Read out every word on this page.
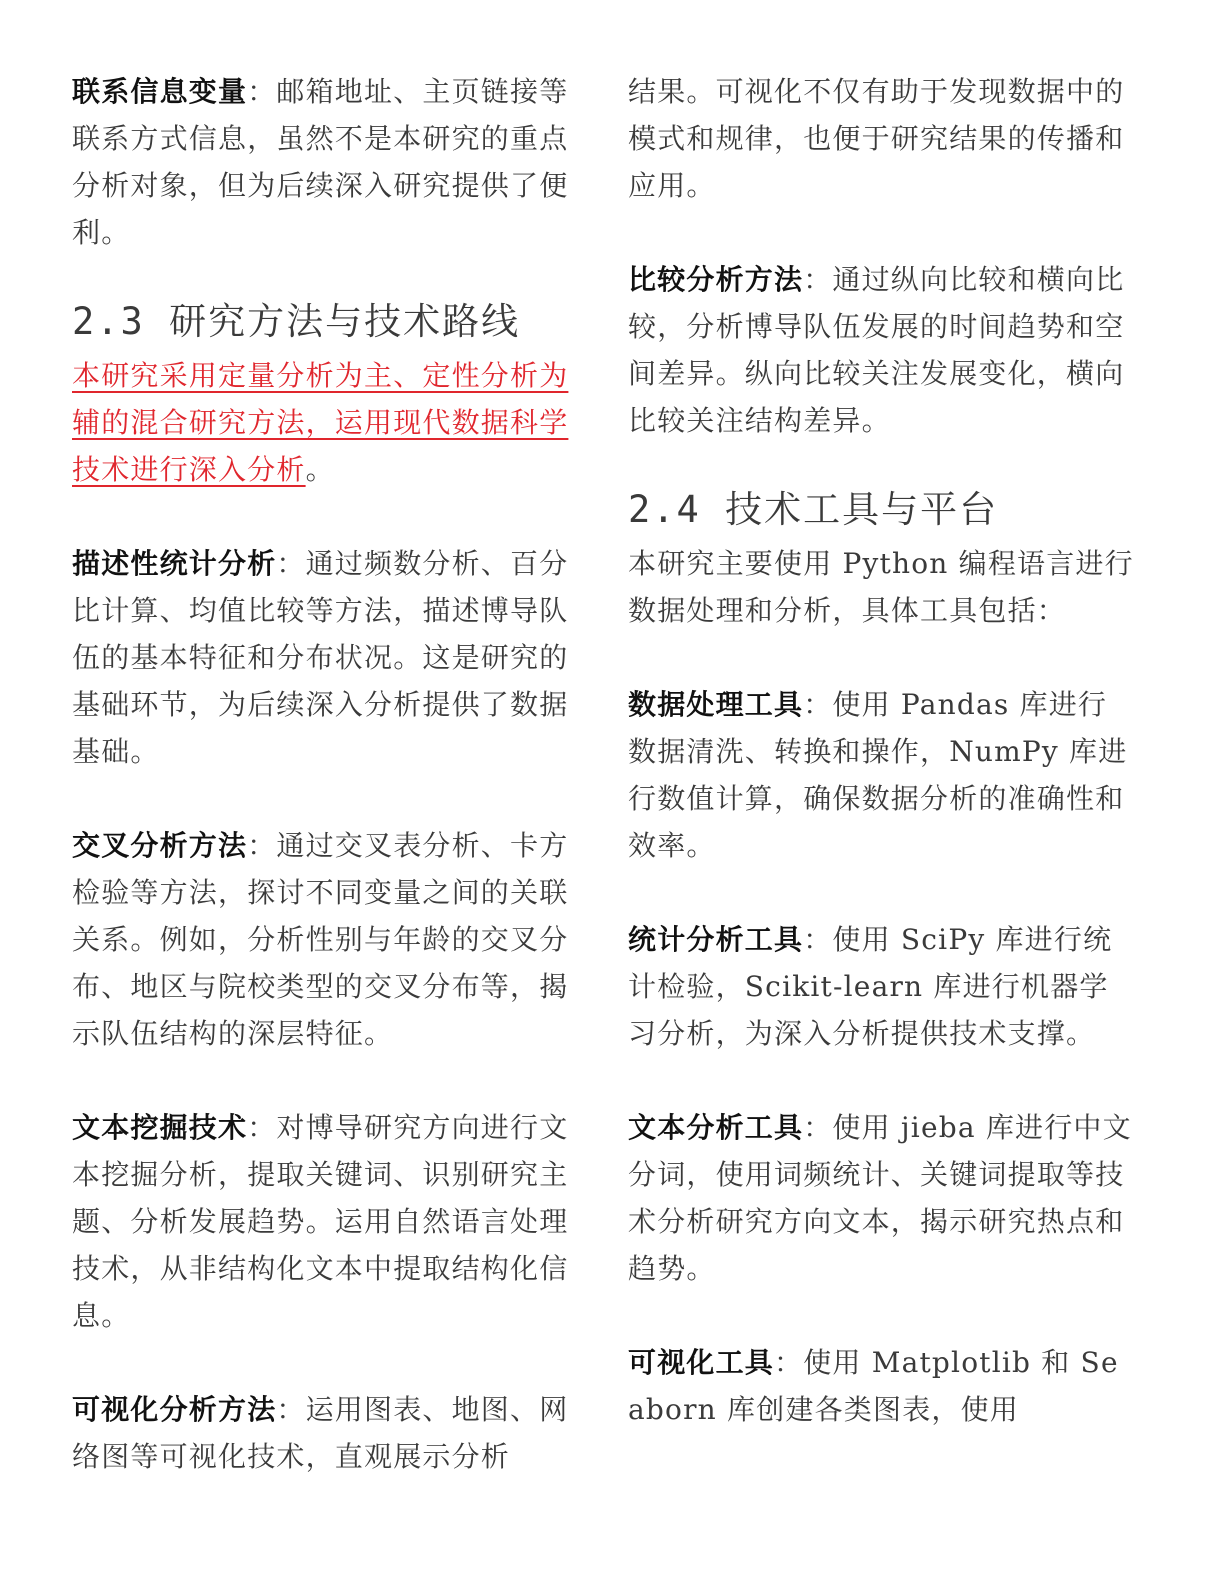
联系信息变量：邮箱地址、主页链接等联系方式信息，虽然不是本研究的重点分析对象，但为后续深入研究提供了便利。

2.3 研究方法与技术路线

本研究采用定量分析为主、定性分析为辅的混合研究方法，运用现代数据科学技术进行深入分析。

描述性统计分析：通过频数分析、百分比计算、均值比较等方法，描述博导队伍的基本特征和分布状况。这是研究的基础环节，为后续深入分析提供了数据基础。

交叉分析方法：通过交叉表分析、卡方检验等方法，探讨不同变量之间的关联关系。例如，分析性别与年龄的交叉分布、地区与院校类型的交叉分布等，揭示队伍结构的深层特征。

文本挖掘技术：对博导研究方向进行文本挖掘分析，提取关键词、识别研究主题、分析发展趋势。运用自然语言处理技术，从非结构化文本中提取结构化信息。

可视化分析方法：运用图表、地图、网络图等可视化技术，直观展示分析

结果。可视化不仅有助于发现数据中的模式和规律，也便于研究结果的传播和应用。

比较分析方法：通过纵向比较和横向比较，分析博导队伍发展的时间趋势和空间差异。纵向比较关注发展变化，横向比较关注结构差异。

2.4 技术工具与平台

本研究主要使用 Python 编程语言进行数据处理和分析，具体工具包括：

数据处理工具：使用 Pandas 库进行数据清洗、转换和操作，NumPy 库进行数值计算，确保数据分析的准确性和效率。

统计分析工具：使用 SciPy 库进行统计检验，Scikit-learn 库进行机器学习分析，为深入分析提供技术支撑。

文本分析工具：使用 jieba 库进行中文分词，使用词频统计、关键词提取等技术分析研究方向文本，揭示研究热点和趋势。

可视化工具：使用 Matplotlib 和 Seaborn 库创建各类图表，使用
